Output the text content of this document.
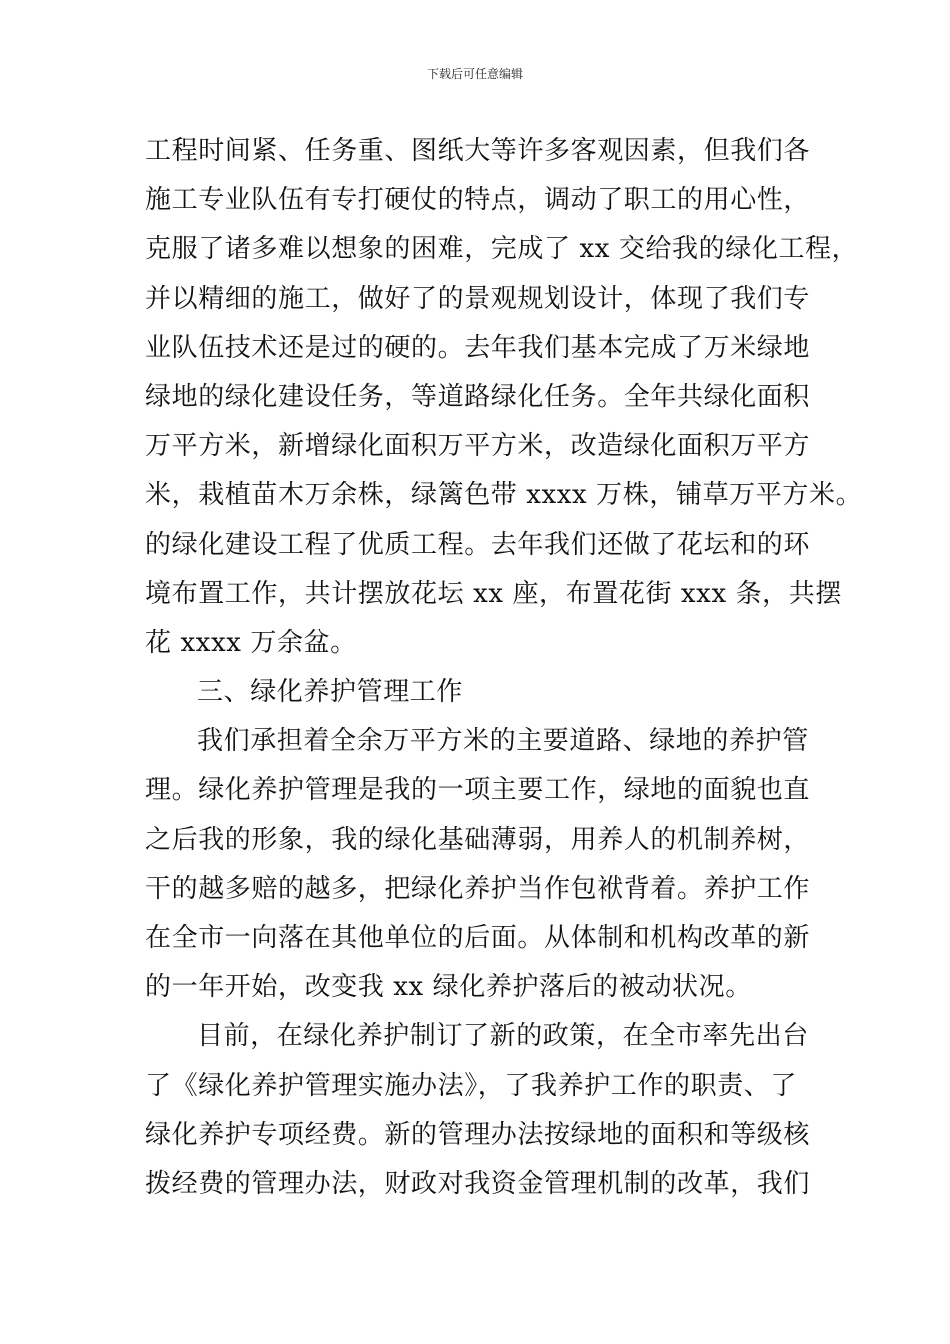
下载后可任意编辑
工程时间紧、任务重、图纸大等许多客观因素，但我们各
施工专业队伍有专打硬仗的特点，调动了职工的用心性，
克服了诸多难以想象的困难，完成了 xx 交给我的绿化工程，
并以精细的施工，做好了的景观规划设计，体现了我们专
业队伍技术还是过的硬的。去年我们基本完成了万米绿地
绿地的绿化建设任务，等道路绿化任务。全年共绿化面积
万平方米，新增绿化面积万平方米，改造绿化面积万平方
米，栽植苗木万余株，绿篱色带 xxxx 万株，铺草万平方米。
的绿化建设工程了优质工程。去年我们还做了花坛和的环
境布置工作，共计摆放花坛 xx 座，布置花街 xxx 条，共摆
花 xxxx 万余盆。
三、绿化养护管理工作
我们承担着全余万平方米的主要道路、绿地的养护管
理。绿化养护管理是我的一项主要工作，绿地的面貌也直
之后我的形象，我的绿化基础薄弱，用养人的机制养树，
干的越多赔的越多，把绿化养护当作包袱背着。养护工作
在全市一向落在其他单位的后面。从体制和机构改革的新
的一年开始，改变我 xx 绿化养护落后的被动状况。
目前，在绿化养护制订了新的政策，在全市率先出台
了《绿化养护管理实施办法》，了我养护工作的职责、了
绿化养护专项经费。新的管理办法按绿地的面积和等级核
拨经费的管理办法，财政对我资金管理机制的改革，我们
